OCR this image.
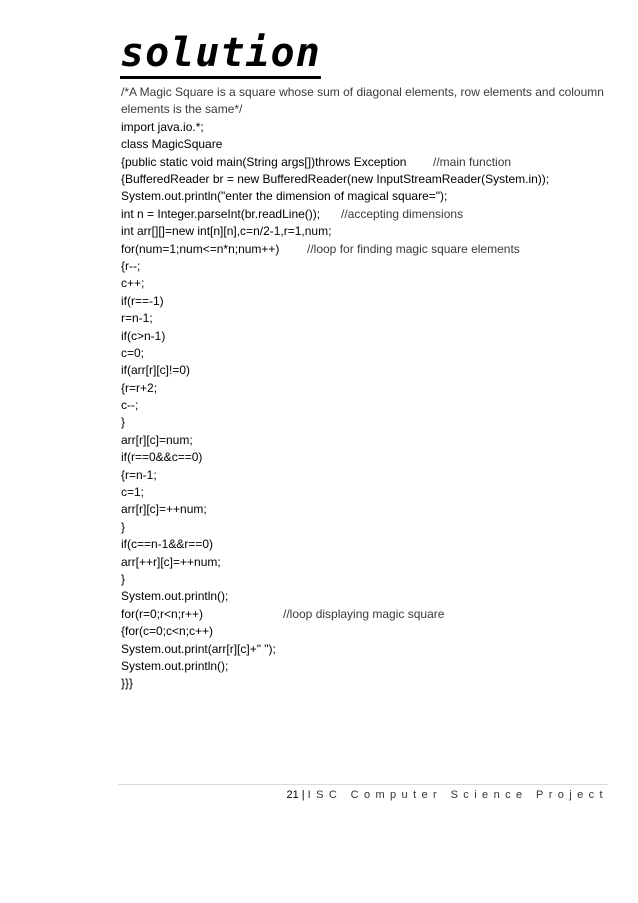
solution
/*A Magic Square is a square whose sum of diagonal elements, row elements and coloumn elements is the same*/
import java.io.*;
class MagicSquare
{public static void main(String args[])throws Exception //main function
{BufferedReader br = new BufferedReader(new InputStreamReader(System.in));
System.out.println("enter the dimension of magical square=");
int n = Integer.parseInt(br.readLine()); //accepting dimensions
int arr[][]=new int[n][n],c=n/2-1,r=1,num;
for(num=1;num<=n*n;num++) //loop for finding magic square elements
{r--;
c++;
if(r==-1)
r=n-1;
if(c>n-1)
c=0;
if(arr[r][c]!=0)
{r=r+2;
c--;
}
arr[r][c]=num;
if(r==0&&c==0)
{r=n-1;
c=1;
arr[r][c]=++num;
}
if(c==n-1&&r==0)
arr[++r][c]=++num;
}
System.out.println();
for(r=0;r<n;r++)	//loop displaying magic square
{for(c=0;c<n;c++)
System.out.print(arr[r][c]+" ");
System.out.println();
}}}
21 | ISC Computer Science Project
